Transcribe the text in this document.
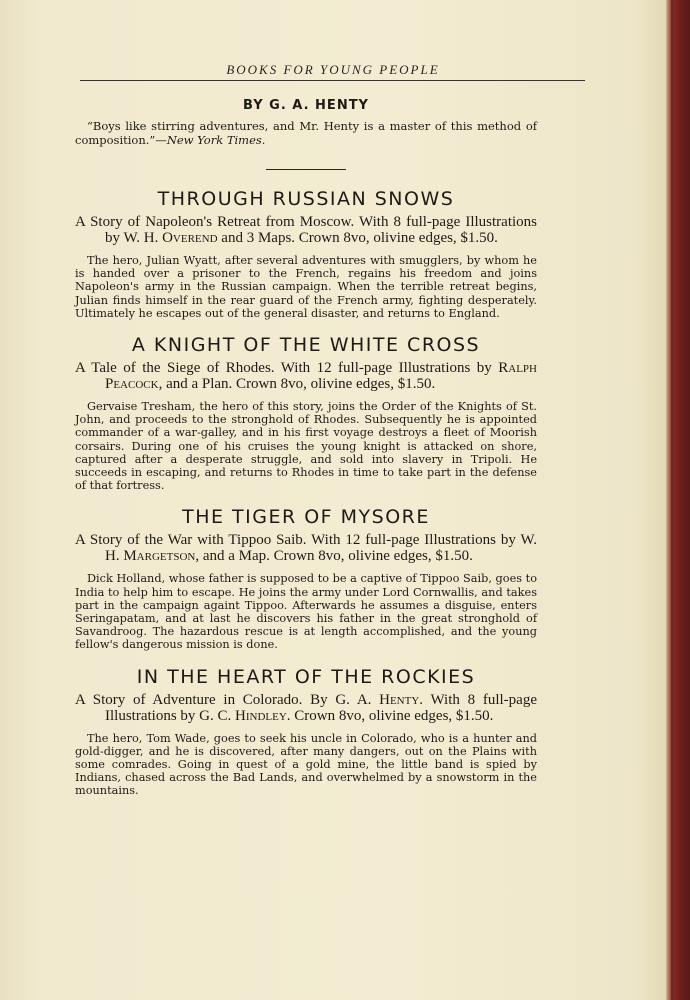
BOOKS FOR YOUNG PEOPLE
BY G. A. HENTY
“Boys like stirring adventures, and Mr. Henty is a master of this method of composition.”—New York Times.
THROUGH RUSSIAN SNOWS
A Story of Napoleon's Retreat from Moscow. With 8 full-page Illustrations by W. H. Overend and 3 Maps. Crown 8vo, olivine edges, $1.50.
The hero, Julian Wyatt, after several adventures with smugglers, by whom he is handed over a prisoner to the French, regains his freedom and joins Napoleon's army in the Russian campaign. When the terrible retreat begins, Julian finds himself in the rear guard of the French army, fighting desperately. Ultimately he escapes out of the general disaster, and returns to England.
A KNIGHT OF THE WHITE CROSS
A Tale of the Siege of Rhodes. With 12 full-page Illustrations by Ralph Peacock, and a Plan. Crown 8vo, olivine edges, $1.50.
Gervaise Tresham, the hero of this story, joins the Order of the Knights of St. John, and proceeds to the stronghold of Rhodes. Subsequently he is appointed commander of a war-galley, and in his first voyage destroys a fleet of Moorish corsairs. During one of his cruises the young knight is attacked on shore, captured after a desperate struggle, and sold into slavery in Tripoli. He succeeds in escaping, and returns to Rhodes in time to take part in the defense of that fortress.
THE TIGER OF MYSORE
A Story of the War with Tippoo Saib. With 12 full-page Illustrations by W. H. Margetson, and a Map. Crown 8vo, olivine edges, $1.50.
Dick Holland, whose father is supposed to be a captive of Tippoo Saib, goes to India to help him to escape. He joins the army under Lord Cornwallis, and takes part in the campaign againt Tippoo. Afterwards he assumes a disguise, enters Seringapatam, and at last he discovers his father in the great stronghold of Savandroog. The hazardous rescue is at length accomplished, and the young fellow's dangerous mission is done.
IN THE HEART OF THE ROCKIES
A Story of Adventure in Colorado. By G. A. Henty. With 8 full-page Illustrations by G. C. Hindley. Crown 8vo, olivine edges, $1.50.
The hero, Tom Wade, goes to seek his uncle in Colorado, who is a hunter and gold-digger, and he is discovered, after many dangers, out on the Plains with some comrades. Going in quest of a gold mine, the little band is spied by Indians, chased across the Bad Lands, and overwhelmed by a snowstorm in the mountains.
